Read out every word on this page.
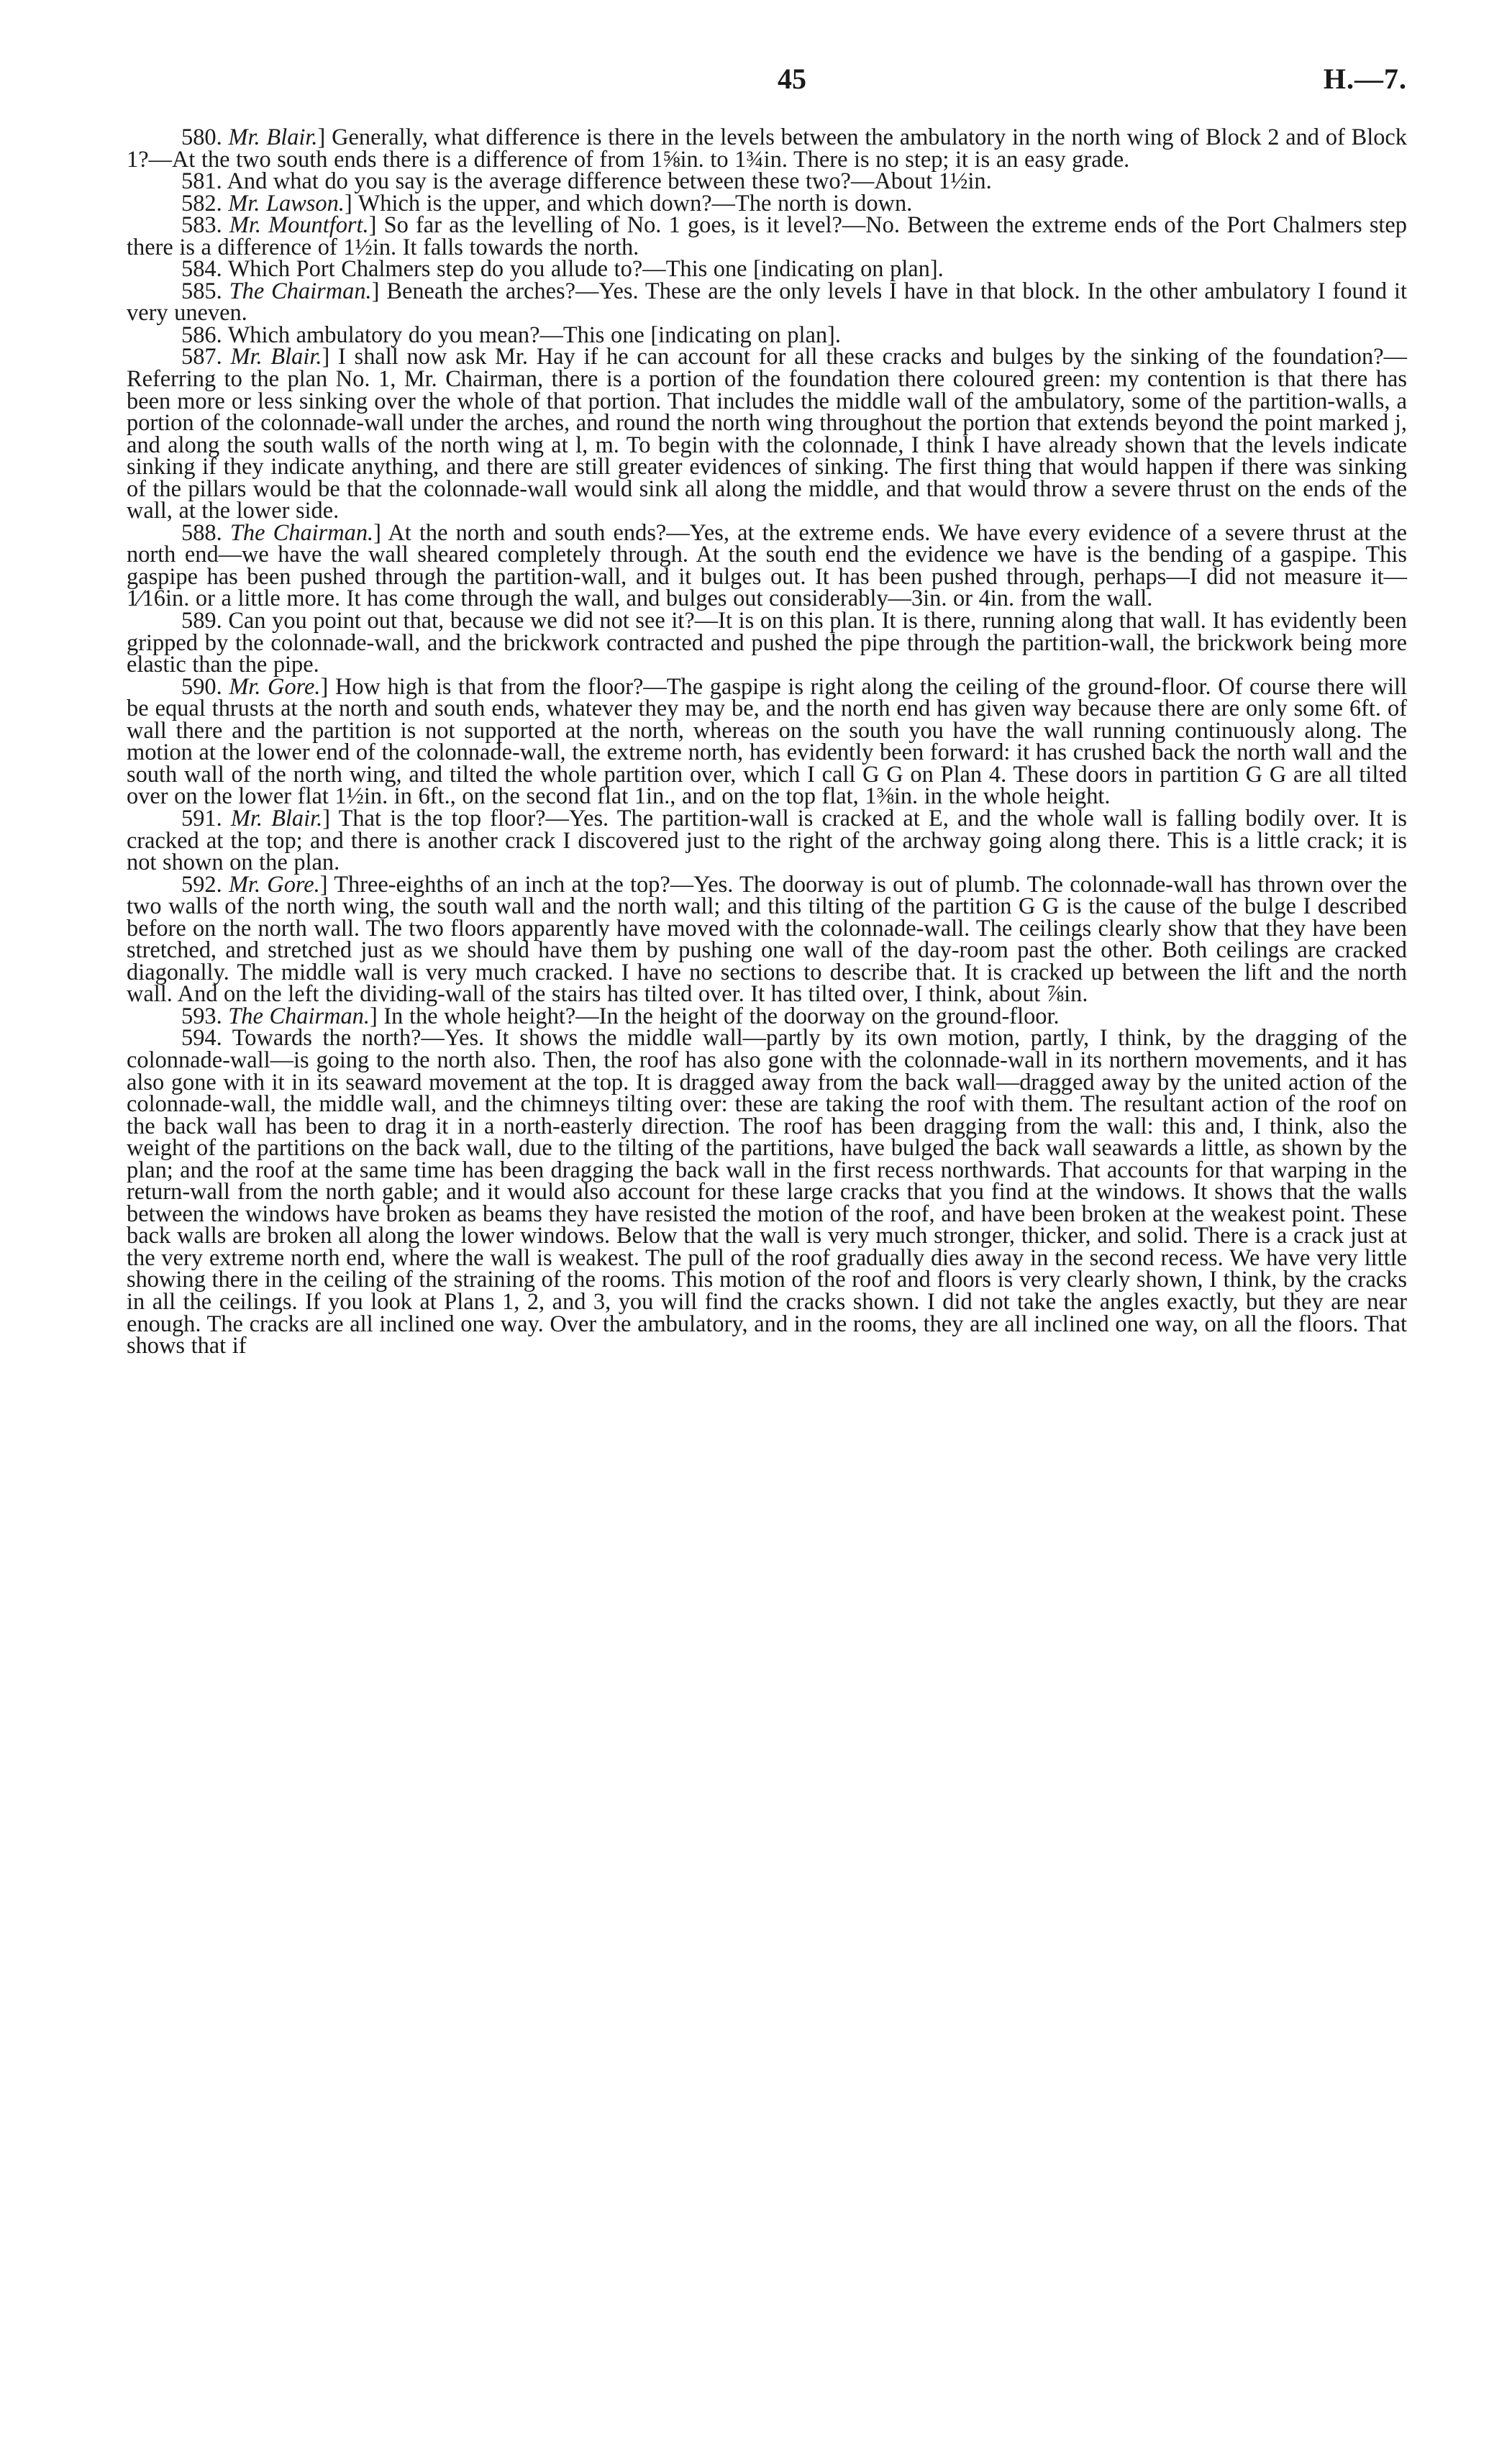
45	H.—7.

580. Mr. Blair.] Generally, what difference is there in the levels between the ambulatory in the north wing of Block 2 and of Block 1?—At the two south ends there is a difference of from 1⅝in. to 1¾in. There is no step; it is an easy grade.

581. And what do you say is the average difference between these two?—About 1½in.

582. Mr. Lawson.] Which is the upper, and which down?—The north is down.

583. Mr. Mountfort.] So far as the levelling of No. 1 goes, is it level?—No. Between the extreme ends of the Port Chalmers step there is a difference of 1½in. It falls towards the north.

584. Which Port Chalmers step do you allude to?—This one [indicating on plan].

585. The Chairman.] Beneath the arches?—Yes. These are the only levels I have in that block. In the other ambulatory I found it very uneven.

586. Which ambulatory do you mean?—This one [indicating on plan].

587. Mr. Blair.] I shall now ask Mr. Hay if he can account for all these cracks and bulges by the sinking of the foundation?—Referring to the plan No. 1, Mr. Chairman, there is a portion of the foundation there coloured green: my contention is that there has been more or less sinking over the whole of that portion. That includes the middle wall of the ambulatory, some of the partition-walls, a portion of the colonnade-wall under the arches, and round the north wing throughout the portion that extends beyond the point marked j, and along the south walls of the north wing at l, m. To begin with the colonnade, I think I have already shown that the levels indicate sinking if they indicate anything, and there are still greater evidences of sinking. The first thing that would happen if there was sinking of the pillars would be that the colonnade-wall would sink all along the middle, and that would throw a severe thrust on the ends of the wall, at the lower side.

588. The Chairman.] At the north and south ends?—Yes, at the extreme ends. We have every evidence of a severe thrust at the north end—we have the wall sheared completely through. At the south end the evidence we have is the bending of a gaspipe. This gaspipe has been pushed through the partition-wall, and it bulges out. It has been pushed through, perhaps—I did not measure it—1⁄16in. or a little more. It has come through the wall, and bulges out considerably—3in. or 4in. from the wall.

589. Can you point out that, because we did not see it?—It is on this plan. It is there, running along that wall. It has evidently been gripped by the colonnade-wall, and the brickwork contracted and pushed the pipe through the partition-wall, the brickwork being more elastic than the pipe.

590. Mr. Gore.] How high is that from the floor?—The gaspipe is right along the ceiling of the ground-floor. Of course there will be equal thrusts at the north and south ends, whatever they may be, and the north end has given way because there are only some 6ft. of wall there and the partition is not supported at the north, whereas on the south you have the wall running continuously along. The motion at the lower end of the colonnade-wall, the extreme north, has evidently been forward: it has crushed back the north wall and the south wall of the north wing, and tilted the whole partition over, which I call G G on Plan 4. These doors in partition G G are all tilted over on the lower flat 1½in. in 6ft., on the second flat 1in., and on the top flat, 1⅜in. in the whole height.

591. Mr. Blair.] That is the top floor?—Yes. The partition-wall is cracked at E, and the whole wall is falling bodily over. It is cracked at the top; and there is another crack I discovered just to the right of the archway going along there. This is a little crack; it is not shown on the plan.

592. Mr. Gore.] Three-eighths of an inch at the top?—Yes. The doorway is out of plumb. The colonnade-wall has thrown over the two walls of the north wing, the south wall and the north wall; and this tilting of the partition G G is the cause of the bulge I described before on the north wall. The two floors apparently have moved with the colonnade-wall. The ceilings clearly show that they have been stretched, and stretched just as we should have them by pushing one wall of the day-room past the other. Both ceilings are cracked diagonally. The middle wall is very much cracked. I have no sections to describe that. It is cracked up between the lift and the north wall. And on the left the dividing-wall of the stairs has tilted over. It has tilted over, I think, about ⅞in.

593. The Chairman.] In the whole height?—In the height of the doorway on the ground-floor.

594. Towards the north?—Yes. It shows the middle wall—partly by its own motion, partly, I think, by the dragging of the colonnade-wall—is going to the north also. Then, the roof has also gone with the colonnade-wall in its northern movements, and it has also gone with it in its seaward movement at the top. It is dragged away from the back wall—dragged away by the united action of the colonnade-wall, the middle wall, and the chimneys tilting over: these are taking the roof with them. The resultant action of the roof on the back wall has been to drag it in a north-easterly direction. The roof has been dragging from the wall: this and, I think, also the weight of the partitions on the back wall, due to the tilting of the partitions, have bulged the back wall seawards a little, as shown by the plan; and the roof at the same time has been dragging the back wall in the first recess northwards. That accounts for that warping in the return-wall from the north gable; and it would also account for these large cracks that you find at the windows. It shows that the walls between the windows have broken as beams they have resisted the motion of the roof, and have been broken at the weakest point. These back walls are broken all along the lower windows. Below that the wall is very much stronger, thicker, and solid. There is a crack just at the very extreme north end, where the wall is weakest. The pull of the roof gradually dies away in the second recess. We have very little showing there in the ceiling of the straining of the rooms. This motion of the roof and floors is very clearly shown, I think, by the cracks in all the ceilings. If you look at Plans 1, 2, and 3, you will find the cracks shown. I did not take the angles exactly, but they are near enough. The cracks are all inclined one way. Over the ambulatory, and in the rooms, they are all inclined one way, on all the floors. That shows that if
